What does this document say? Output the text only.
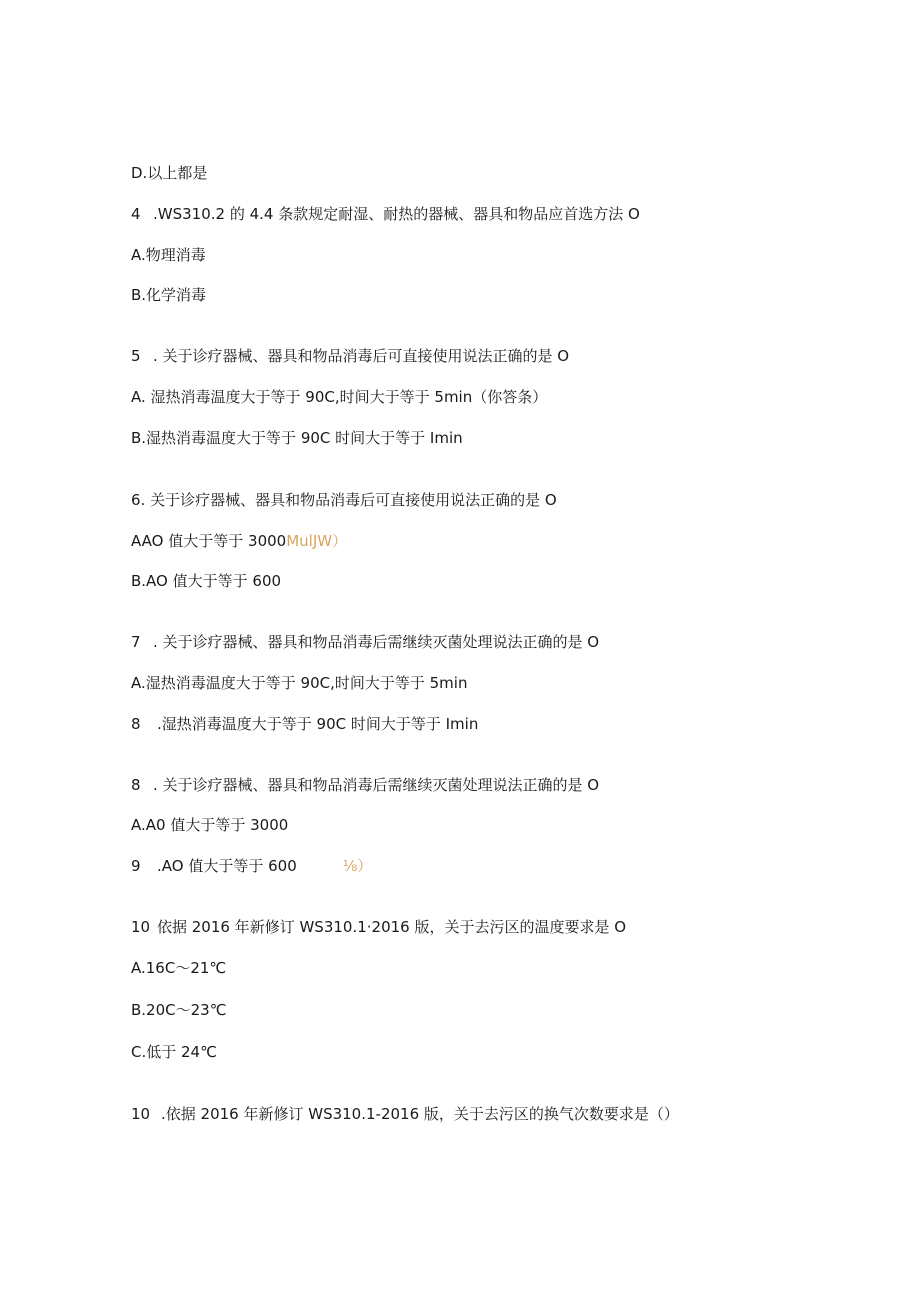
D.以上都是
4 .WS310.2 的 4.4 条款规定耐湿、耐热的器械、器具和物品应首选方法 O
A.物理消毒
B.化学消毒
5 . 关于诊疗器械、器具和物品消毒后可直接使用说法正确的是 O
A. 湿热消毒温度大于等于 90C,时间大于等于 5min（你答条）
B.湿热消毒温度大于等于 90C 时间大于等于 Imin
6. 关于诊疗器械、器具和物品消毒后可直接使用说法正确的是 O
AAO 值大于等于 3000MulJW）
B.AO 值大于等于 600
7 . 关于诊疗器械、器具和物品消毒后需继续灭菌处理说法正确的是 O
A.湿热消毒温度大于等于 90C,时间大于等于 5min
8 .湿热消毒温度大于等于 90C 时间大于等于 Imin
8 . 关于诊疗器械、器具和物品消毒后需继续灭菌处理说法正确的是 O
A.A0 值大于等于 3000
9 .AO 值大于等于 600	⅛）
10 依据 2016 年新修订 WS310.1·2016 版，关于去污区的温度要求是 O
A.16C～21℃
B.20C～23℃
C.低于 24℃
10 .依据 2016 年新修订 WS310.1-2016 版，关于去污区的换气次数要求是（）
